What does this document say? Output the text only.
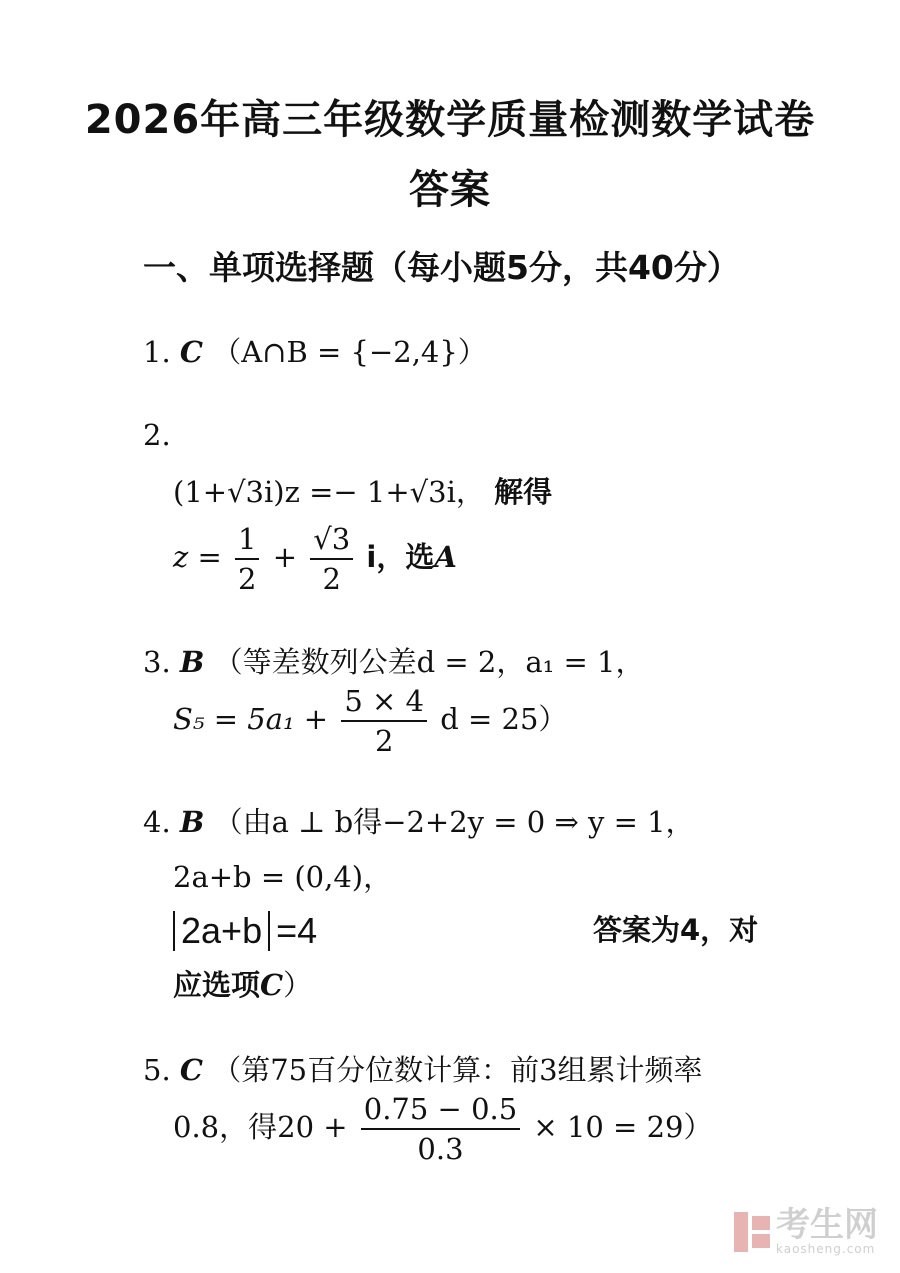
2026年高三年级数学质量检测数学试卷
答案
一、单项选择题（每小题5分，共40分）
1. C （A∩B = {−2,4}）
2.
(1+√3i)z =− 1+√3i， 解得
$z = \frac{1}{2} + \frac{√3}{2}$ i，选A
3. B （等差数列公差d = 2，a₁ = 1，
$S_5 = 5a_1 + \frac{5 \times 4}{2}$ d = 25）
4. B （由a ⊥ b得−2+2y = 0 ⇒ y = 1，
2a+b = (0,4)，
2a+b =4	答案为4，对
应选项C）
5. C （第75百分位数计算：前3组累计频率
0.8，得$20 + \frac{0.75 - 0.5}{0.3} \times 10 = 29$）
考生网
kaosheng.com
